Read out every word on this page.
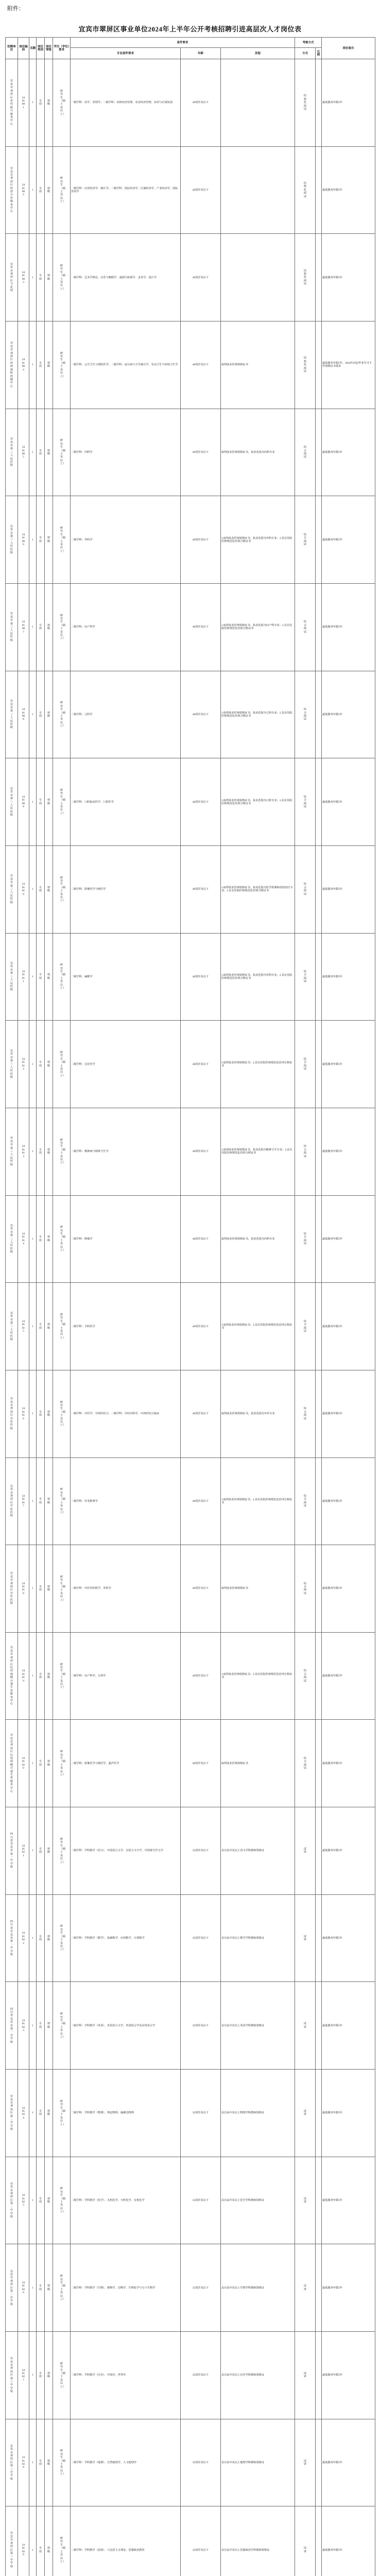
附件：
宜宾市翠屏区事业单位2024年上半年公开考核招聘引进高层次人才岗位表
招聘单位	岗位编码	名额	岗位类别	岗位等级	学历（学位）要求	条件要求			考核方式		岗位备注
						专业条件要求	年龄	其他	方式	比例	

宜宾市翠屏区乡村振兴服务中心	2401001	1	专技	初级	研究生（硕士及以上）	一级学科：农学、管理学；二级学科：农林经济管理、农业经济管理、农村与区域发展	40周岁及以下		结构化面试		最低服务年限5年

宜宾市翠屏区经济合作服务中心	2401002	1	专技	初级	研究生（硕士及以上）	一级学科：应用经济学、统计学；二级学科：国民经济学、区域经济学、产业经济学、国际贸易学	40周岁及以下		结构化面试		最低服务年限5年

宜宾市翠屏区文化馆	2401003	1	专技	初级	研究生（硕士及以上）	一级学科：艺术学理论、音乐与舞蹈学、戏剧与影视学、美术学、设计学	40周岁及以下		结构化面试		最低服务年限5年

宜宾市翠屏区疾病预防控制中心	2401004	1	专技	初级	研究生（硕士及以上）	一级学科：公共卫生与预防医学；二级学科：流行病与卫生统计学、劳动卫生与环境卫生学	40周岁及以下	取得执业医师资格证书	结构化面试		最低服务年限5年。2024年应届毕业生可不作资格证书要求

宜宾市第三人民医院	2401005	1	专技	初级	研究生（硕士及以上）	二级学科：内科学	40周岁及以下	取得执业医师资格证书，执业范围为内科专业	综合面试		最低服务年限5年

宜宾市第三人民医院	2401006	1	专技	初级	研究生（硕士及以上）	二级学科：外科学	40周岁及以下	1.取得执业医师资格证书，执业范围为外科专业；2.具有住院医师规范化培训合格证书	综合面试		最低服务年限5年

宜宾市第三人民医院	2401007	1	专技	初级	研究生（硕士及以上）	二级学科：妇产科学	40周岁及以下	1.取得执业医师资格证书，执业范围为妇产科专业；2.具有住院医师规范化培训合格证书	综合面试		最低服务年限5年

宜宾市第三人民医院	2401008	1	专技	初级	研究生（硕士及以上）	二级学科：儿科学	40周岁及以下	1.取得执业医师资格证书，执业范围为儿科专业；2.具有住院医师规范化培训合格证书	综合面试		最低服务年限5年

宜宾市第三人民医院	2401009	1	专技	初级	研究生（硕士及以上）	二级学科：口腔临床医学、口腔医学	40周岁及以下	1.取得执业医师资格证书，执业范围为口腔专业；2.具有住院医师规范化培训合格证书	综合面试		最低服务年限5年

宜宾市第三人民医院	2401010	1	专技	初级	研究生（硕士及以上）	二级学科：影像医学与核医学	40周岁及以下	1.取得执业医师资格证书，执业范围为医学影像和放射治疗专业；2.具有住院医师规范化培训合格证书	综合面试		最低服务年限5年

宜宾市第三人民医院	2401011	1	专技	初级	研究生（硕士及以上）	二级学科：麻醉学	40周岁及以下	1.取得执业医师资格证书，执业范围为外科专业；2.具有住院医师规范化培训合格证书	综合面试		最低服务年限5年

宜宾市第三人民医院	2401012	1	专技	初级	研究生（硕士及以上）	二级学科：急诊医学	40周岁及以下	1.取得执业医师资格证书；2.具有住院医师规范化培训合格证书	综合面试		最低服务年限5年

宜宾市第三人民医院	2401013	1	专技	初级	研究生（硕士及以上）	二级学科：精神病与精神卫生学	40周岁及以下	1.取得执业医师资格证书，执业范围为精神卫生专业；2.具有住院医师规范化培训合格证书	综合面试		最低服务年限5年

宜宾市第三人民医院	2401014	1	专技	初级	研究生（硕士及以上）	二级学科：肿瘤学	40周岁及以下	取得执业医师资格证书，执业范围为内科专业	综合面试		最低服务年限5年

宜宾市第三人民医院	2401015	1	专技	初级	研究生（硕士及以上）	二级学科：全科医学	40周岁及以下	1.取得执业医师资格证书；2.具有住院医师规范化培训合格证书	综合面试		最低服务年限5年

宜宾市翠屏区中医医院	2401016	1	专技	初级	研究生（硕士及以上）	一级学科：中医学、中西医结合；二级学科：中医内科学、中西医结合临床	40周岁及以下	取得执业医师资格证书，执业范围为中医专业	综合面试		最低服务年限5年

宜宾市翠屏区中医医院	2401017	1	专技	初级	研究生（硕士及以上）	二级学科：针灸推拿学	40周岁及以下	1.取得执业医师资格证书；2.具有住院医师规范化培训合格证书	综合面试		最低服务年限5年

宜宾市翠屏区中医医院	2401018	1	专技	初级	研究生（硕士及以上）	二级学科：中医骨伤科学、外科学	40周岁及以下	取得执业医师资格证书	综合面试		最低服务年限5年

宜宾市翠屏区妇幼保健计划生育服务中心	2401019	1	专技	初级	研究生（硕士及以上）	二级学科：妇产科学、儿科学	40周岁及以下	1.取得执业医师资格证书；2.具有住院医师规范化培训合格证书	综合面试		最低服务年限5年

宜宾市翠屏区妇幼保健计划生育服务中心	2401020	1	专技	初级	研究生（硕士及以上）	二级学科：影像医学与核医学、超声医学	40周岁及以下	取得执业医师资格证书	综合面试		最低服务年限5年

四川省宜宾市第一中学校	2401021	1	专技	初级	研究生（硕士及以上）	二级学科：学科教学（语文）、中国语言文学、汉语言文字学、中国现当代文学	35周岁及以下	具有高中及以上语文学科教师资格证	试讲		最低服务年限5年

四川省宜宾市第一中学校	2401022	1	专技	初级	研究生（硕士及以上）	二级学科：学科教学（数学）、基础数学、应用数学、计算数学	35周岁及以下	具有高中及以上数学学科教师资格证	试讲		最低服务年限5年

四川省宜宾市第一中学校	2401023	1	专技	初级	研究生（硕士及以上）	二级学科：学科教学（英语）、英语语言文学、外国语言学及应用语言学	35周岁及以下	具有高中及以上英语学科教师资格证	试讲		最低服务年限5年

宜宾市翠屏区第二中学校	2401024	1	专技	初级	研究生（硕士及以上）	二级学科：学科教学（物理）、理论物理、凝聚态物理	35周岁及以下	具有高中及以上物理学科教师资格证	试讲		最低服务年限5年

宜宾市翠屏区第二中学校	2401025	1	专技	初级	研究生（硕士及以上）	二级学科：学科教学（化学）、无机化学、分析化学、有机化学	35周岁及以下	具有高中及以上化学学科教师资格证	试讲		最低服务年限5年

宜宾市翠屏区第二中学校	2401026	1	专技	初级	研究生（硕士及以上）	二级学科：学科教学（生物）、植物学、动物学、生物化学与分子生物学	35周岁及以下	具有高中及以上生物学科教师资格证	试讲		最低服务年限5年

宜宾市翠屏区第三中学校	2401027	1	专技	初级	研究生（硕士及以上）	二级学科：学科教学（历史）、中国史、世界史	35周岁及以下	具有高中及以上历史学科教师资格证	试讲		最低服务年限5年

宜宾市翠屏区第三中学校	2401028	1	专技	初级	研究生（硕士及以上）	二级学科：学科教学（地理）、自然地理学、人文地理学	35周岁及以下	具有高中及以上地理学科教师资格证	试讲		最低服务年限5年

宜宾市翠屏区第三中学校	2401029	1	专技	初级	研究生（硕士及以上）	二级学科：学科教学（思政）、马克思主义理论、思想政治教育	35周岁及以下	具有高中及以上思想政治学科教师资格证	试讲		最低服务年限5年
